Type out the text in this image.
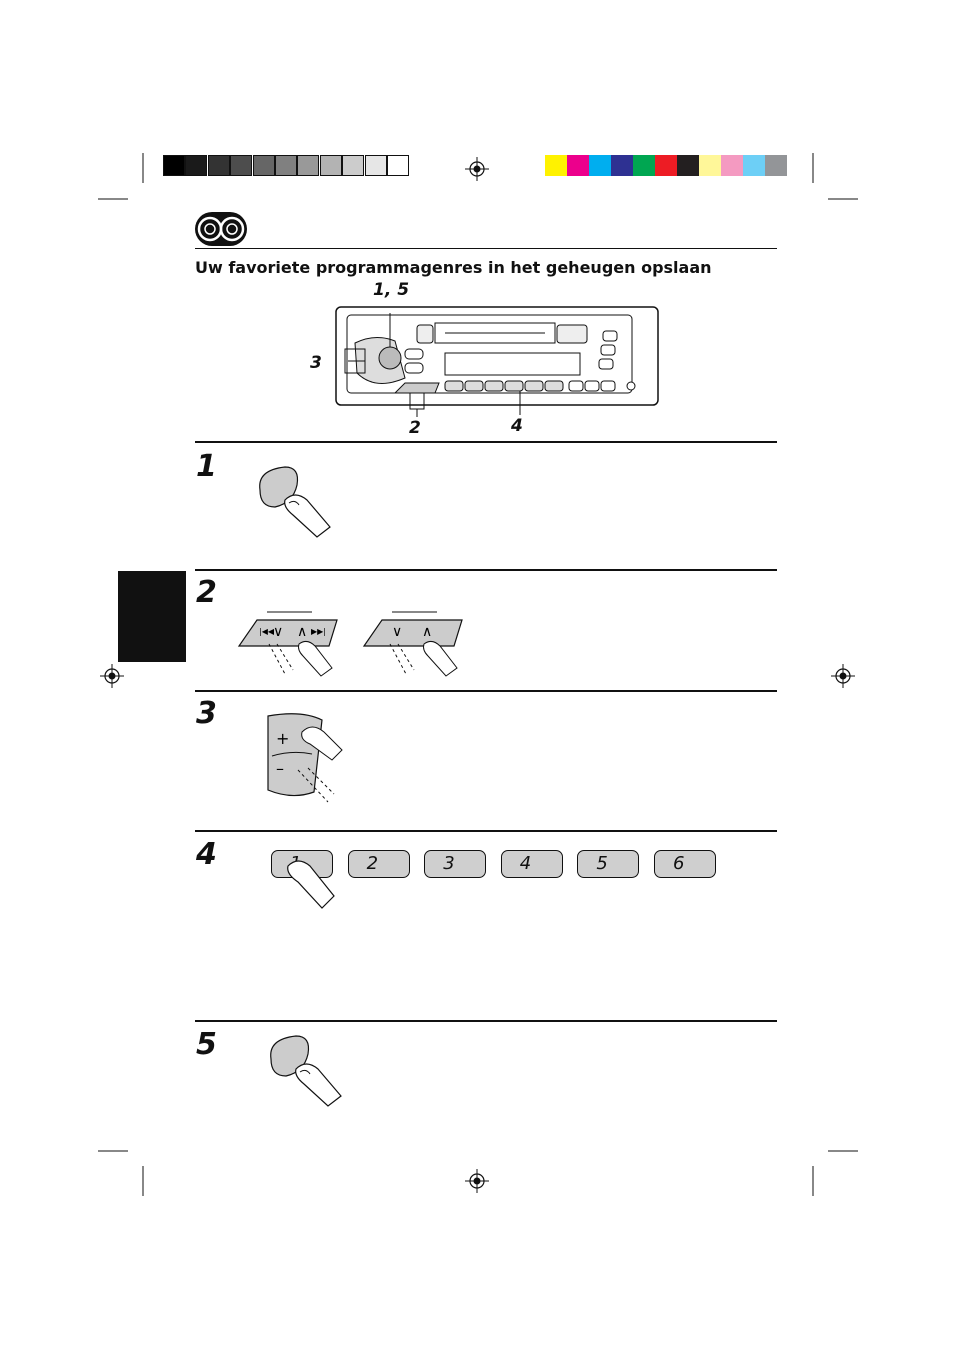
Uw favoriete programmagenres in het geheugen opslaan
1, 5
3
2	4
1
2
3
4
5
|◀◀ ∨ ∧ ▶▶|	∨ ∧
+
–
2	3	4	5	6
